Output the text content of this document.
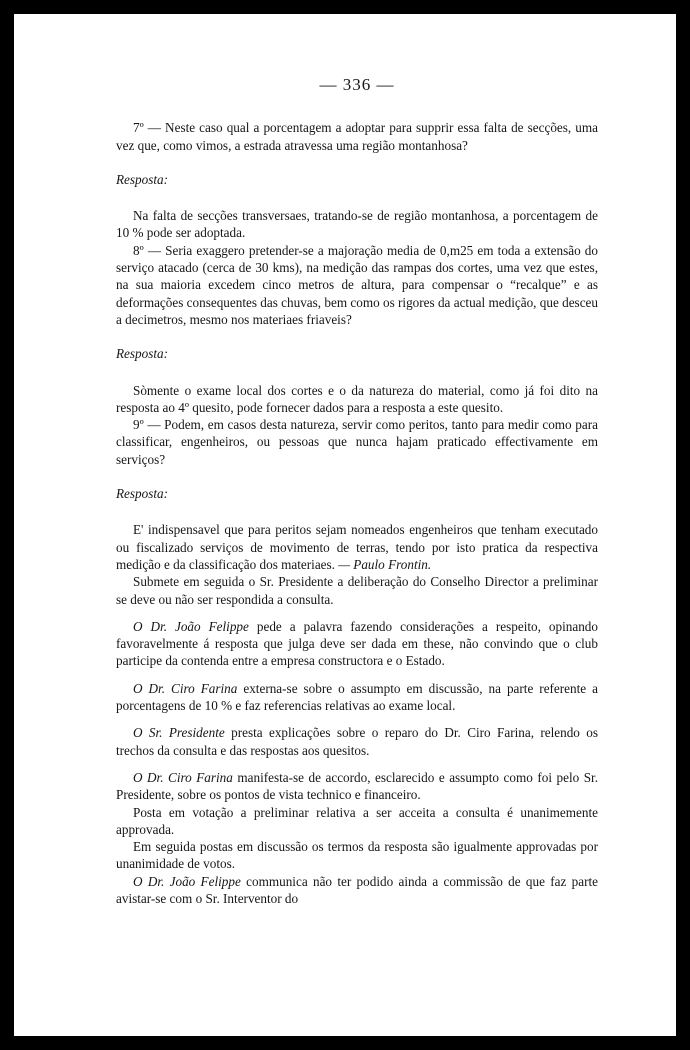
— 336 —

7º — Neste caso qual a porcentagem a adoptar para supprir essa falta de secções, uma vez que, como vimos, a estrada atravessa uma região montanhosa?

Resposta:

Na falta de secções transversaes, tratando-se de região montanhosa, a porcentagem de 10 % pode ser adoptada.

8º — Seria exaggero pretender-se a majoração media de 0,m25 em toda a extensão do serviço atacado (cerca de 30 kms), na medição das rampas dos cortes, uma vez que estes, na sua maioria excedem cinco metros de altura, para compensar o “recalque” e as deformações consequentes das chuvas, bem como os rigores da actual medição, que desceu a decimetros, mesmo nos materiaes friaveis?

Resposta:

Sòmente o exame local dos cortes e o da natureza do material, como já foi dito na resposta ao 4º quesito, pode fornecer dados para a resposta a este quesito.

9º — Podem, em casos desta natureza, servir como peritos, tanto para medir como para classificar, engenheiros, ou pessoas que nunca hajam praticado effectivamente em serviços?

Resposta:

E' indispensavel que para peritos sejam nomeados engenheiros que tenham executado ou fiscalizado serviços de movimento de terras, tendo por isto pratica da respectiva medição e da classificação dos materiaes. — Paulo Frontin.

Submete em seguida o Sr. Presidente a deliberação do Conselho Director a preliminar se deve ou não ser respondida a consulta.

O Dr. João Felippe pede a palavra fazendo considerações a respeito, opinando favoravelmente á resposta que julga deve ser dada em these, não convindo que o club participe da contenda entre a empresa constructora e o Estado.

O Dr. Ciro Farina externa-se sobre o assumpto em discussão, na parte referente a porcentagens de 10 % e faz referencias relativas ao exame local.

O Sr. Presidente presta explicações sobre o reparo do Dr. Ciro Farina, relendo os trechos da consulta e das respostas aos quesitos.

O Dr. Ciro Farina manifesta-se de accordo, esclarecido e assumpto como foi pelo Sr. Presidente, sobre os pontos de vista technico e financeiro.

Posta em votação a preliminar relativa a ser acceita a consulta é unanimemente approvada.

Em seguida postas em discussão os termos da resposta são igualmente approvadas por unanimidade de votos.

O Dr. João Felippe communica não ter podido ainda a commissão de que faz parte avistar-se com o Sr. Interventor do
